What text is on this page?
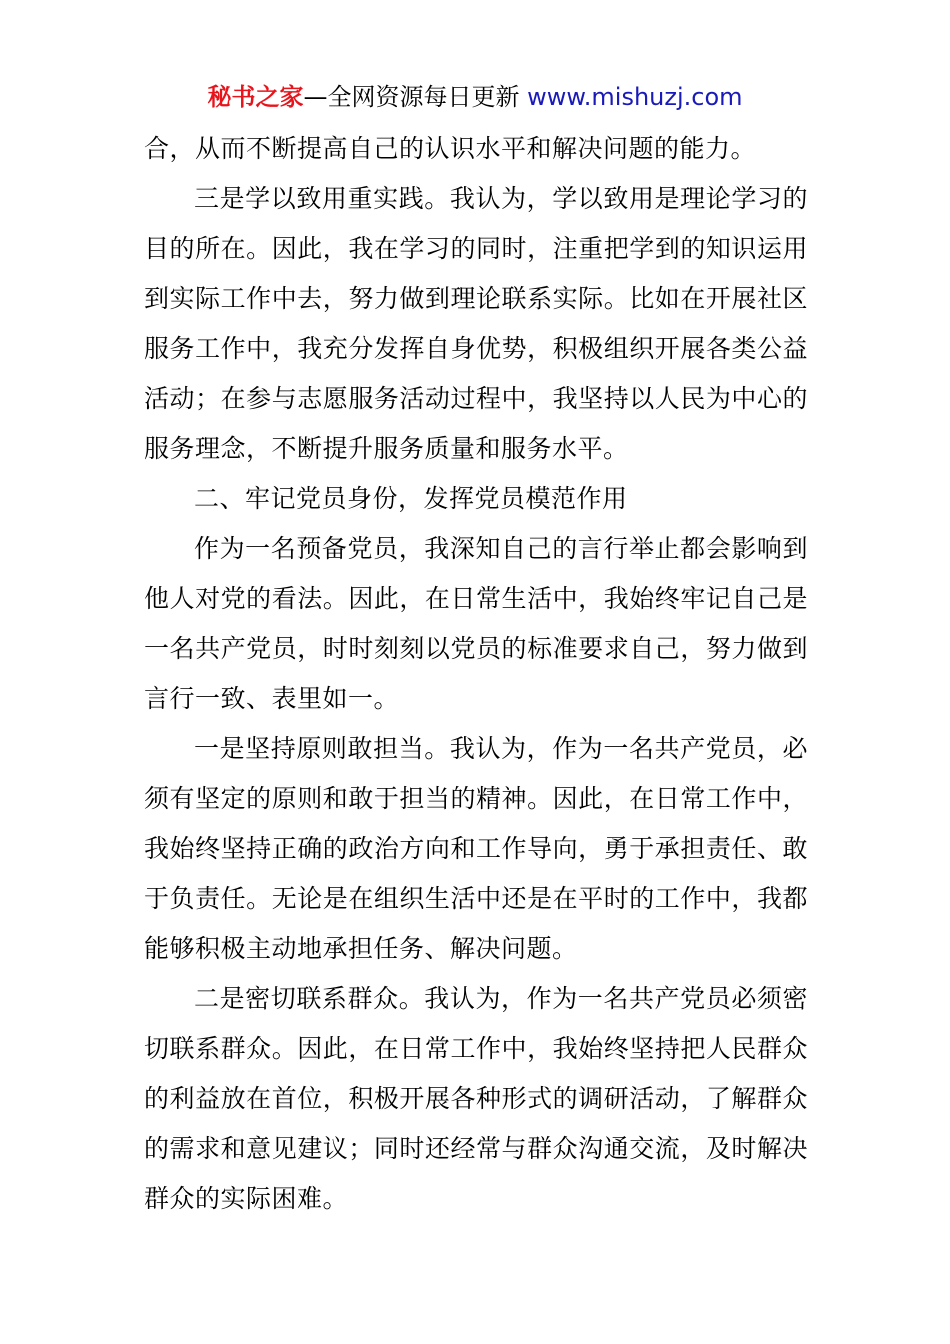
秘书之家—全网资源每日更新 www.mishuzj.com

合，从而不断提高自己的认识水平和解决问题的能力。

三是学以致用重实践。我认为，学以致用是理论学习的目的所在。因此，我在学习的同时，注重把学到的知识运用到实际工作中去，努力做到理论联系实际。比如在开展社区服务工作中，我充分发挥自身优势，积极组织开展各类公益活动；在参与志愿服务活动过程中，我坚持以人民为中心的服务理念，不断提升服务质量和服务水平。

二、牢记党员身份，发挥党员模范作用

作为一名预备党员，我深知自己的言行举止都会影响到他人对党的看法。因此，在日常生活中，我始终牢记自己是一名共产党员，时时刻刻以党员的标准要求自己，努力做到言行一致、表里如一。

一是坚持原则敢担当。我认为，作为一名共产党员，必须有坚定的原则和敢于担当的精神。因此，在日常工作中，我始终坚持正确的政治方向和工作导向，勇于承担责任、敢于负责任。无论是在组织生活中还是在平时的工作中，我都能够积极主动地承担任务、解决问题。

二是密切联系群众。我认为，作为一名共产党员必须密切联系群众。因此，在日常工作中，我始终坚持把人民群众的利益放在首位，积极开展各种形式的调研活动，了解群众的需求和意见建议；同时还经常与群众沟通交流，及时解决群众的实际困难。
